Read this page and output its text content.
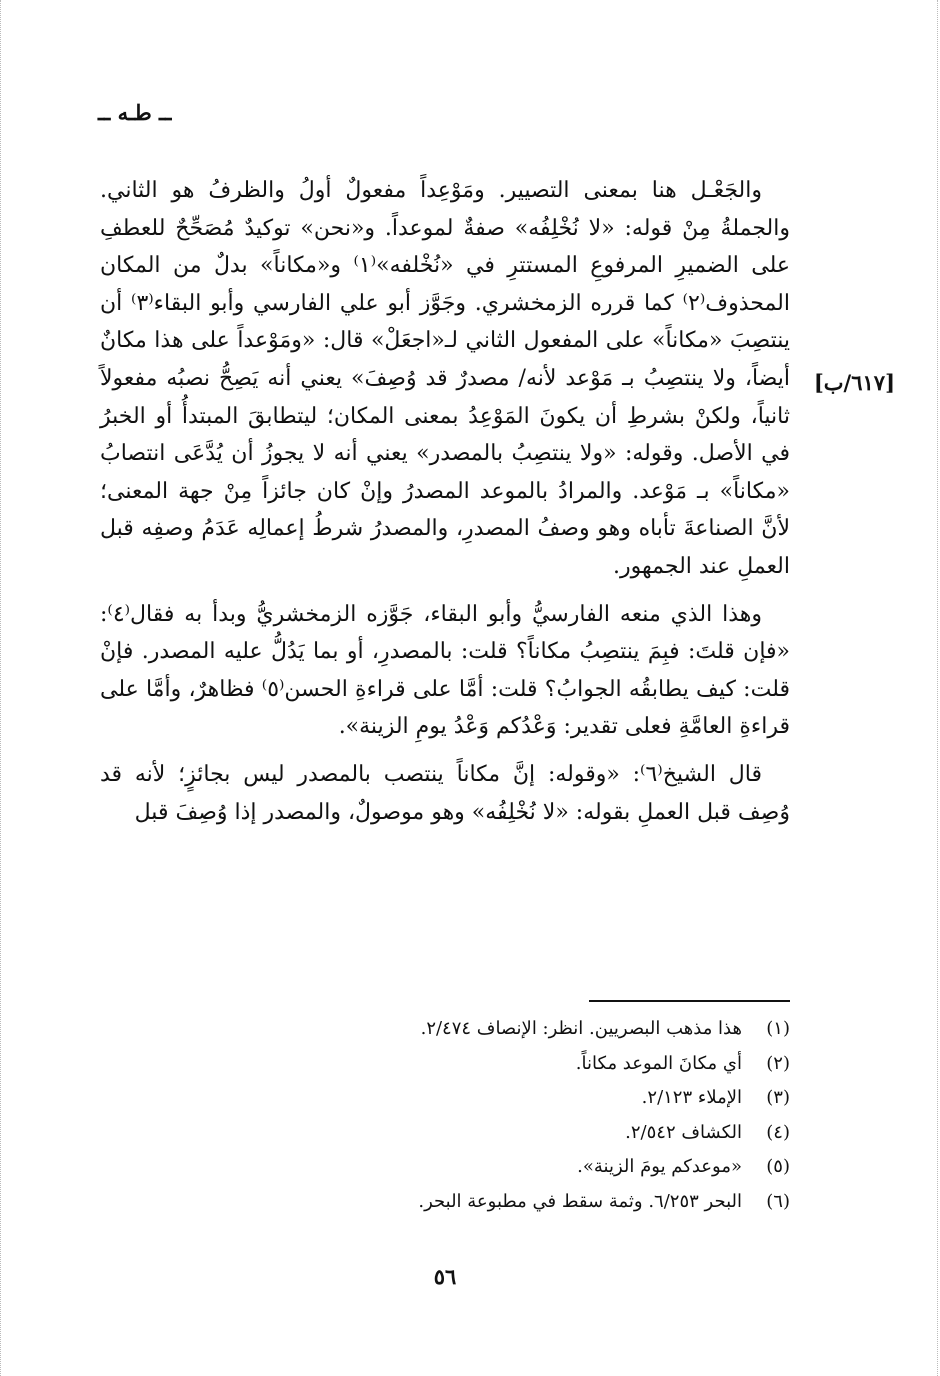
ــ طـه ــ
[٦١٧/ب]

والجَعْـل هنا بمعنى التصيير. ومَوْعِداً مفعولٌ أولُ والظرفُ هو الثاني. والجملةُ مِنْ قوله: «لا نُخْلِفُه» صفةٌ لموعداً. و«نحن» توكيدٌ مُصَحِّحٌ للعطفِ على الضميرِ المرفوعِ المستترِ في «نُخْلفه»⁽١⁾ و«مكاناً» بدلٌ من المكان المحذوف⁽٢⁾ كما قرره الزمخشري. وجَوَّز أبو علي الفارسي وأبو البقاء⁽٣⁾ أن ينتصِبَ «مكاناً» على المفعول الثاني لـ«اجعَلْ» قال: «ومَوْعداً على هذا مكانٌ أيضاً، ولا ينتصِبُ بـ مَوْعد لأنه/ مصدرٌ قد وُصِفَ» يعني أنه يَصِحُّ نصبُه مفعولاً ثانياً، ولكنْ بشرطِ أن يكونَ المَوْعِدُ بمعنى المكان؛ ليتطابقَ المبتدأُ أو الخبرُ في الأصل. وقوله: «ولا ينتصِبُ بالمصدر» يعني أنه لا يجوزُ أن يُدَّعَى انتصابُ «مكاناً» بـ مَوْعد. والمرادُ بالموعد المصدرُ وإنْ كان جائزاً مِنْ جهة المعنى؛ لأنَّ الصناعةَ تأباه وهو وصفُ المصدرِ، والمصدرُ شرطُ إعمالِه عَدَمُ وصفِه قبل العملِ عند الجمهور.

وهذا الذي منعه الفارسيُّ وأبو البقاء، جَوَّزه الزمخشريُّ وبدأ به فقال⁽٤⁾: «فإن قلتَ: فبِمَ ينتصِبُ مكاناً؟ قلت: بالمصدرِ، أو بما يَدُلُّ عليه المصدر. فإنْ قلت: كيف يطابقُه الجوابُ؟ قلت: أمَّا على قراءةِ الحسن⁽٥⁾ فظاهرٌ، وأمَّا على قراءةِ العامَّةِ فعلى تقدير: وَعْدُكم وَعْدُ يومِ الزينة».

قال الشيخ⁽٦⁾: «وقوله: إنَّ مكاناً ينتصب بالمصدر ليس بجائزٍ؛ لأنه قد وُصِف قبل العملِ بقوله: «لا نُخْلِفُه» وهو موصولٌ، والمصدر إذا وُصِفَ قبل

(١)
هذا مذهب البصريين. انظر: الإنصاف ٢/٤٧٤.
(٢)
أي مكانَ الموعد مكاناً.
(٣)
الإملاء ٢/١٢٣.
(٤)
الكشاف ٢/٥٤٢.
(٥)
«موعدكم يومَ الزينة».
(٦)
البحر ٦/٢٥٣. وثمة سقط في مطبوعة البحر.
٥٦
